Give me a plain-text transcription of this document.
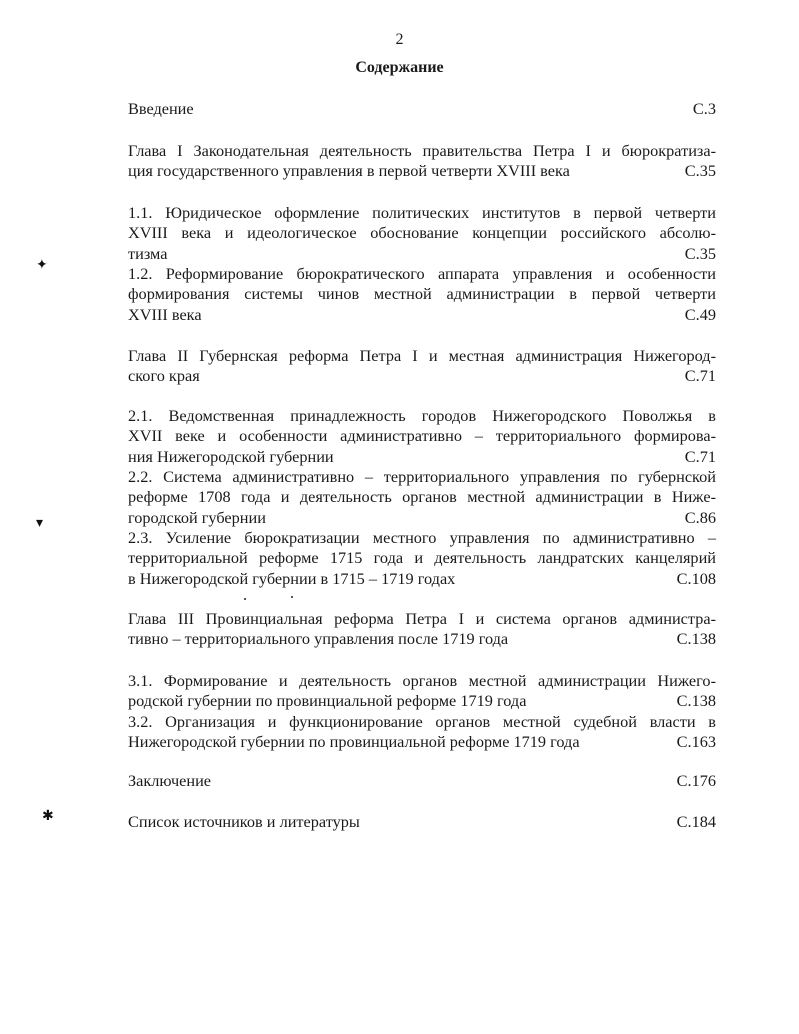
2
Содержание
Введение	С.3
Глава I Законодательная деятельность правительства Петра I и бюрократиза-
ция государственного управления в первой четверти XVIII века	С.35
1.1. Юридическое оформление политических институтов в первой четверти
XVIII века и идеологическое обоснование концепции российского абсолю-
тизма	С.35
1.2. Реформирование бюрократического аппарата управления и особенности
формирования системы чинов местной администрации в первой четверти
XVIII века	С.49
Глава II Губернская реформа Петра I и местная администрация Нижегород-
ского края	С.71
2.1. Ведомственная принадлежность городов Нижегородского Поволжья в
XVII веке и особенности административно – территориального формирова-
ния Нижегородской губернии	С.71
2.2. Система административно – территориального управления по губернской
реформе 1708 года и деятельность органов местной администрации в Ниже-
городской губернии	С.86
2.3. Усиление бюрократизации местного управления по административно –
территориальной реформе 1715 года и деятельность ландратских канцелярий
в Нижегородской губернии в 1715 – 1719 годах	С.108
Глава III Провинциальная реформа Петра I и система органов администрa-
тивно – территориального управления после 1719 года	С.138
3.1. Формирование и деятельность органов местной администрации Нижего-
родской губернии по провинциальной реформе 1719 года	С.138
3.2. Организация и функционирование органов местной судебной власти в
Нижегородской губернии по провинциальной реформе 1719 года	С.163
Заключение	С.176
Список источников и литературы	С.184
✦
▾
✱
